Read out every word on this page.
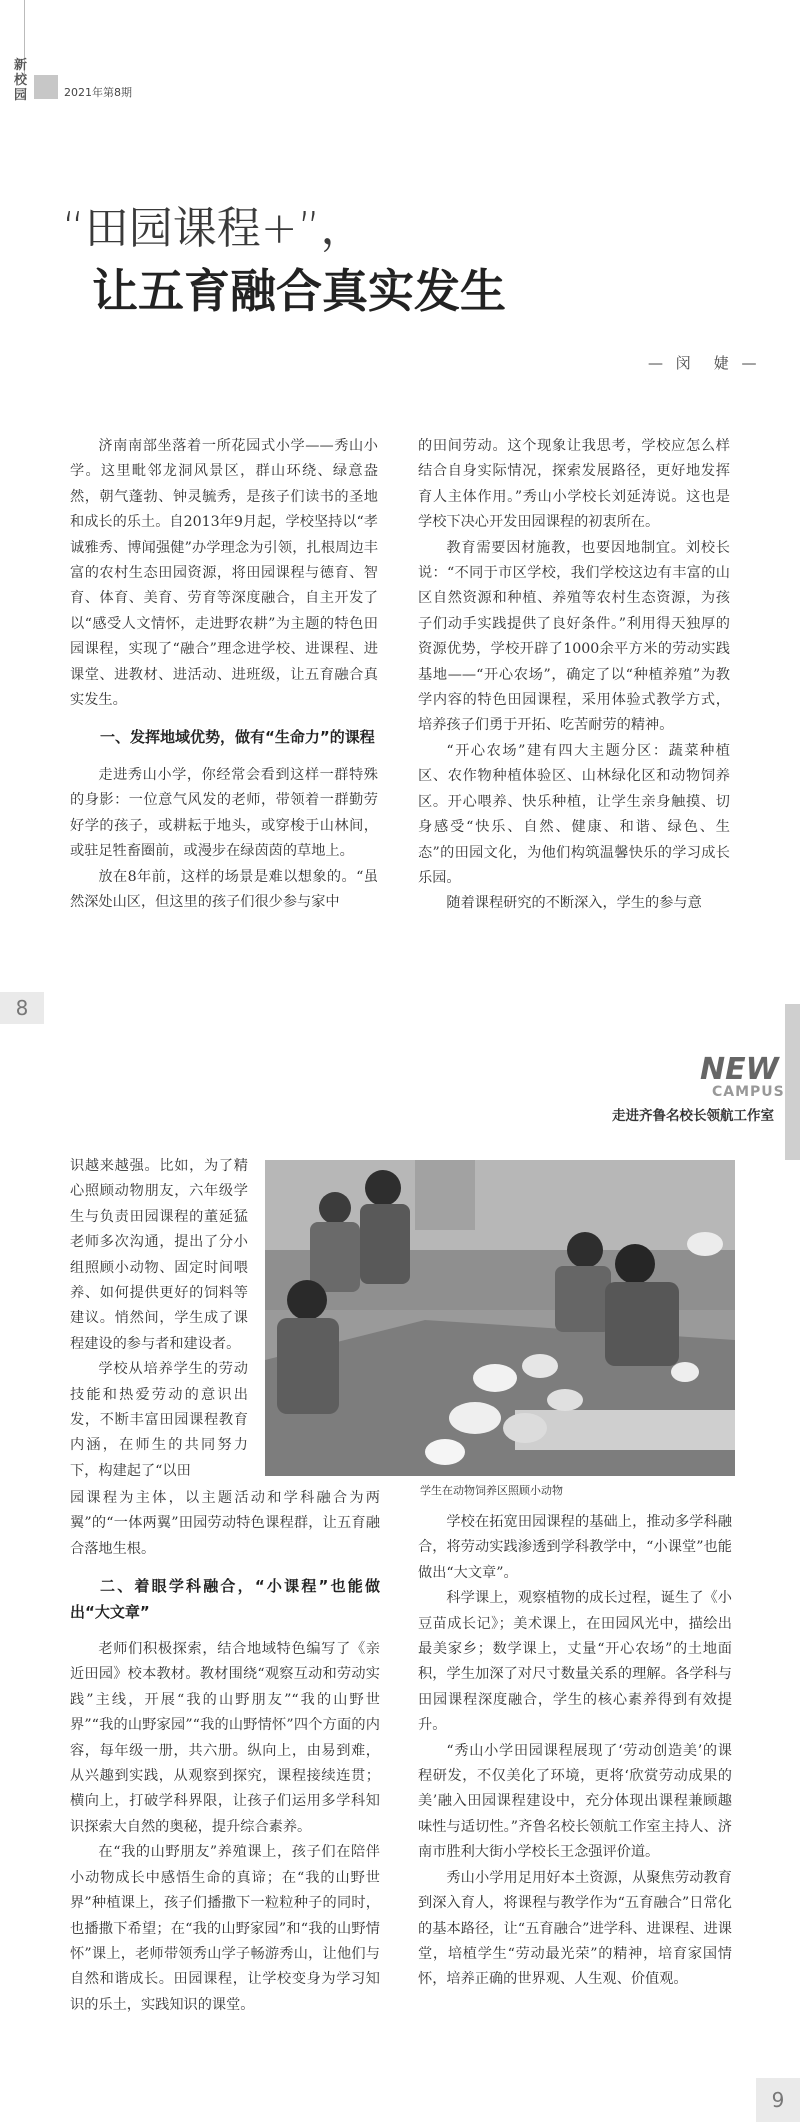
新
校
园	2021年第8期
“田园课程+”，
让五育融合真实发生
— 闵　婕 —

济南南部坐落着一所花园式小学——秀山小学。这里毗邻龙洞风景区，群山环绕、绿意盎然，朝气蓬勃、钟灵毓秀，是孩子们读书的圣地和成长的乐土。自2013年9月起，学校坚持以“孝诚雅秀、博闻强健”办学理念为引领，扎根周边丰富的农村生态田园资源，将田园课程与德育、智育、体育、美育、劳育等深度融合，自主开发了以“感受人文情怀，走进野农耕”为主题的特色田园课程，实现了“融合”理念进学校、进课程、进课堂、进教材、进活动、进班级，让五育融合真实发生。

一、发挥地域优势，做有“生命力”的课程

走进秀山小学，你经常会看到这样一群特殊的身影：一位意气风发的老师，带领着一群勤劳好学的孩子，或耕耘于地头，或穿梭于山林间，或驻足牲畜圈前，或漫步在绿茵茵的草地上。

放在8年前，这样的场景是难以想象的。“虽然深处山区，但这里的孩子们很少参与家中

的田间劳动。这个现象让我思考，学校应怎么样结合自身实际情况，探索发展路径，更好地发挥育人主体作用。”秀山小学校长刘延涛说。这也是学校下决心开发田园课程的初衷所在。

教育需要因材施教，也要因地制宜。刘校长说：“不同于市区学校，我们学校这边有丰富的山区自然资源和种植、养殖等农村生态资源，为孩子们动手实践提供了良好条件。”利用得天独厚的资源优势，学校开辟了1000余平方米的劳动实践基地——“开心农场”，确定了以“种植养殖”为教学内容的特色田园课程，采用体验式教学方式，培养孩子们勇于开拓、吃苦耐劳的精神。

“开心农场”建有四大主题分区：蔬菜种植区、农作物种植体验区、山林绿化区和动物饲养区。开心喂养、快乐种植，让学生亲身触摸、切身感受“快乐、自然、健康、和谐、绿色、生态”的田园文化，为他们构筑温馨快乐的学习成长乐园。

随着课程研究的不断深入，学生的参与意

8
NEW
CAMPUS
走进齐鲁名校长领航工作室

识越来越强。比如，为了精心照顾动物朋友，六年级学生与负责田园课程的董延猛老师多次沟通，提出了分小组照顾小动物、固定时间喂养、如何提供更好的饲料等建议。悄然间，学生成了课程建设的参与者和建设者。

学校从培养学生的劳动技能和热爱劳动的意识出发，不断丰富田园课程教育内涵，在师生的共同努力下，构建起了“以田

学生在动物饲养区照顾小动物

园课程为主体，以主题活动和学科融合为两翼”的“一体两翼”田园劳动特色课程群，让五育融合落地生根。

二、着眼学科融合，“小课程”也能做出“大文章”

老师们积极探索，结合地域特色编写了《亲近田园》校本教材。教材围绕“观察互动和劳动实践”主线，开展“我的山野朋友”“我的山野世界”“我的山野家园”“我的山野情怀”四个方面的内容，每年级一册，共六册。纵向上，由易到难，从兴趣到实践，从观察到探究，课程接续连贯；横向上，打破学科界限，让孩子们运用多学科知识探索大自然的奥秘，提升综合素养。

在“我的山野朋友”养殖课上，孩子们在陪伴小动物成长中感悟生命的真谛；在“我的山野世界”种植课上，孩子们播撒下一粒粒种子的同时，也播撒下希望；在“我的山野家园”和“我的山野情怀”课上，老师带领秀山学子畅游秀山，让他们与自然和谐成长。田园课程，让学校变身为学习知识的乐土，实践知识的课堂。

学校在拓宽田园课程的基础上，推动多学科融合，将劳动实践渗透到学科教学中，“小课堂”也能做出“大文章”。

科学课上，观察植物的成长过程，诞生了《小豆苗成长记》；美术课上，在田园风光中，描绘出最美家乡；数学课上，丈量“开心农场”的土地面积，学生加深了对尺寸数量关系的理解。各学科与田园课程深度融合，学生的核心素养得到有效提升。

“秀山小学田园课程展现了‘劳动创造美’的课程研发，不仅美化了环境，更将‘欣赏劳动成果的美’融入田园课程建设中，充分体现出课程兼顾趣味性与适切性。”齐鲁名校长领航工作室主持人、济南市胜利大街小学校长王念强评价道。

秀山小学用足用好本土资源，从聚焦劳动教育到深入育人，将课程与教学作为“五育融合”日常化的基本路径，让“五育融合”进学科、进课程、进课堂，培植学生“劳动最光荣”的精神，培育家国情怀，培养正确的世界观、人生观、价值观。

9
